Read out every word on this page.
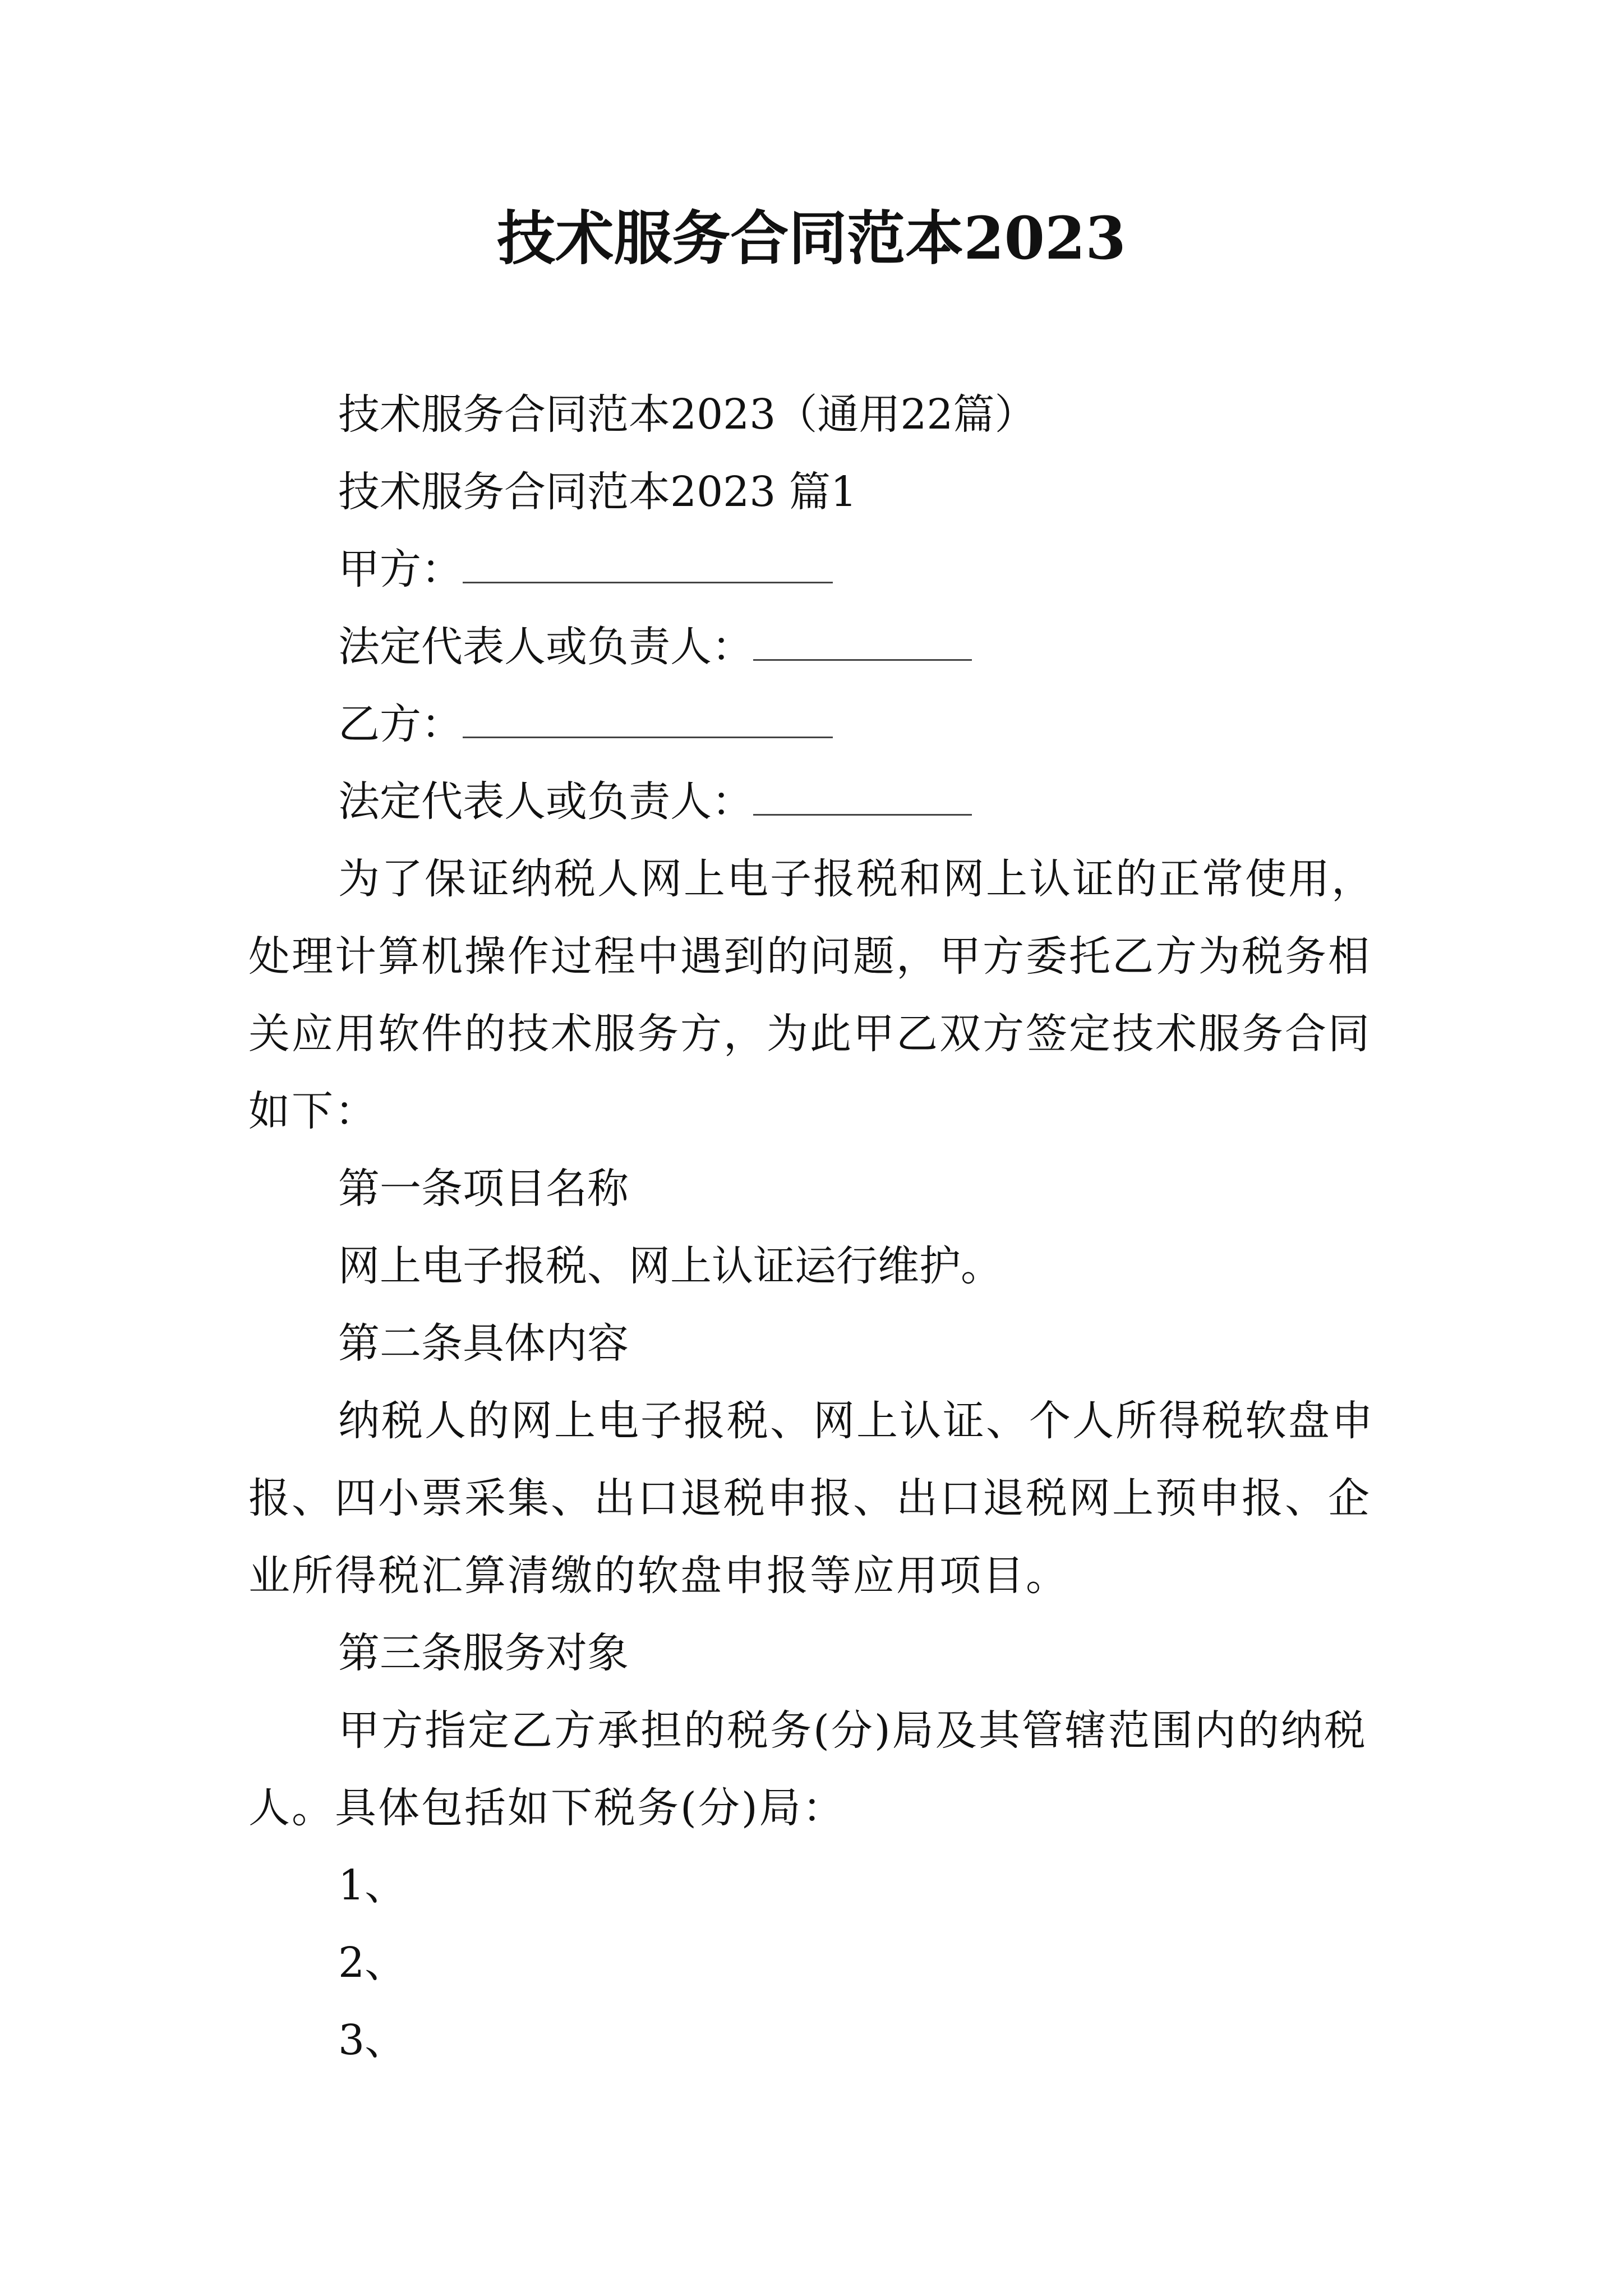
技术服务合同范本2023

技术服务合同范本2023（通用22篇）

技术服务合同范本2023 篇1

甲方：

法定代表人或负责人：

乙方：

法定代表人或负责人：

为了保证纳税人网上电子报税和网上认证的正常使用，处理计算机操作过程中遇到的问题，甲方委托乙方为税务相关应用软件的技术服务方，为此甲乙双方签定技术服务合同如下：

第一条项目名称

网上电子报税、网上认证运行维护。

第二条具体内容

纳税人的网上电子报税、网上认证、个人所得税软盘申报、四小票采集、出口退税申报、出口退税网上预申报、企业所得税汇算清缴的软盘申报等应用项目。

第三条服务对象

甲方指定乙方承担的税务(分)局及其管辖范围内的纳税人。具体包括如下税务(分)局：

1、

2、

3、
